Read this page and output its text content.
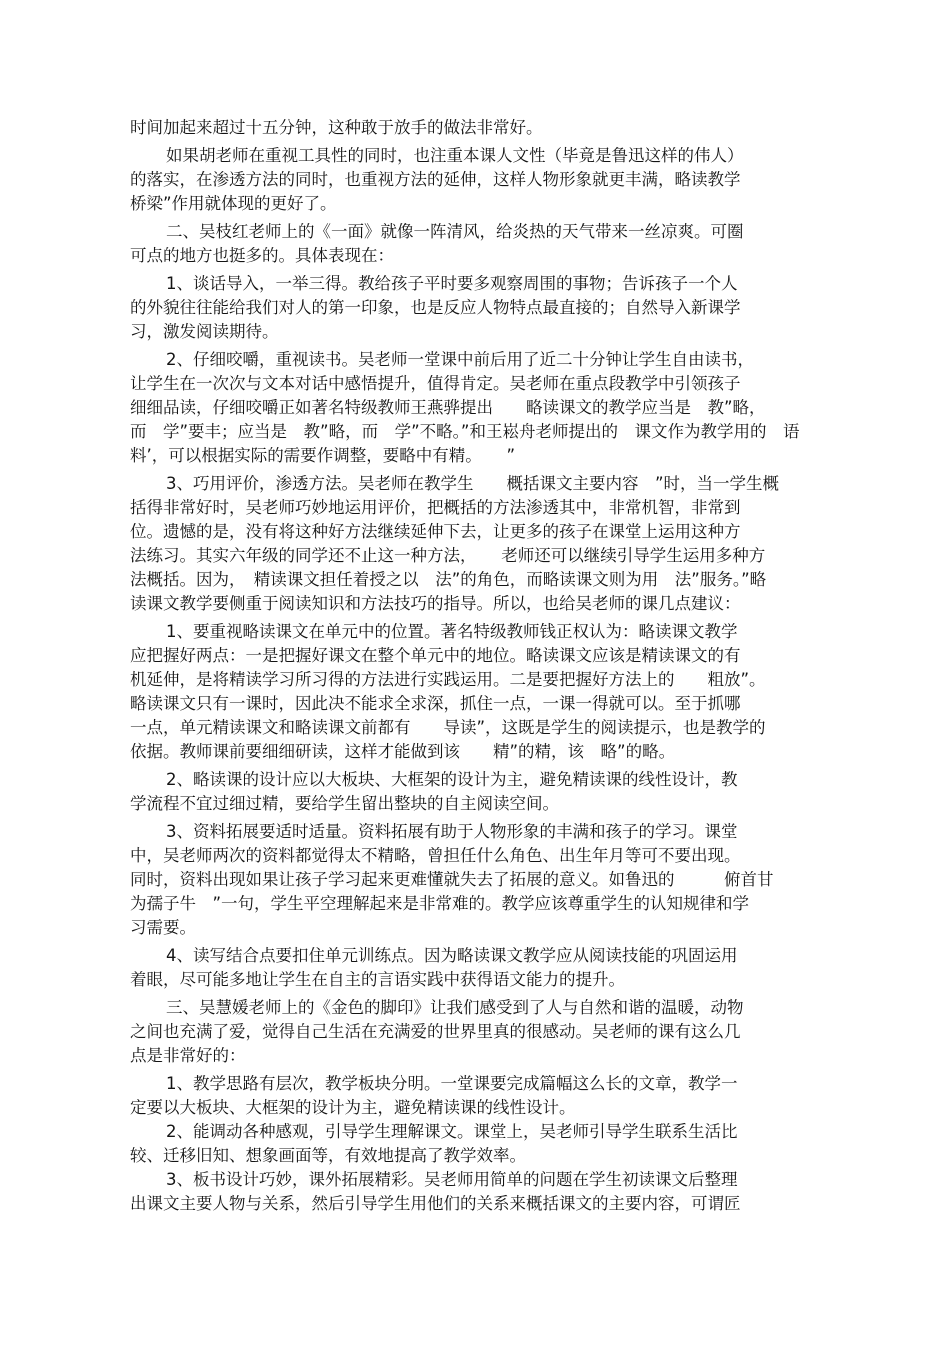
时间加起来超过十五分钟，这种敢于放手的做法非常好。
如果胡老师在重视工具性的同时，也注重本课人文性（毕竟是鲁迅这样的伟人）
的落实，在渗透方法的同时，也重视方法的延伸，这样人物形象就更丰满，略读教学
桥梁”作用就体现的更好了。
二、吴枝红老师上的《一面》就像一阵清风，给炎热的天气带来一丝凉爽。可圈
可点的地方也挺多的。具体表现在：
1、谈话导入，一举三得。教给孩子平时要多观察周围的事物；告诉孩子一个人
的外貌往往能给我们对人的第一印象，也是反应人物特点最直接的；自然导入新课学
习，激发阅读期待。
2、仔细咬嚼，重视读书。吴老师一堂课中前后用了近二十分钟让学生自由读书，
让学生在一次次与文本对话中感悟提升，值得肯定。吴老师在重点段教学中引领孩子
细细品读，仔细咬嚼正如著名特级教师王燕骅提出　　略读课文的教学应当是　教”略，
而　学”要丰；应当是　教”略，而　学”不略。”和王崧舟老师提出的　课文作为教学用的　语
料’，可以根据实际的需要作调整，要略中有精。　　”
3、巧用评价，渗透方法。吴老师在教学生　　概括课文主要内容　”时，当一学生概
括得非常好时，吴老师巧妙地运用评价，把概括的方法渗透其中，非常机智，非常到
位。遗憾的是，没有将这种好方法继续延伸下去，让更多的孩子在课堂上运用这种方
法练习。其实六年级的同学还不止这一种方法，　　老师还可以继续引导学生运用多种方
法概括。因为，　精读课文担任着授之以　法”的角色，而略读课文则为用　法”服务。”略
读课文教学要侧重于阅读知识和方法技巧的指导。所以，也给吴老师的课几点建议：
1、要重视略读课文在单元中的位置。著名特级教师钱正权认为：略读课文教学
应把握好两点：一是把握好课文在整个单元中的地位。略读课文应该是精读课文的有
机延伸，是将精读学习所习得的方法进行实践运用。二是要把握好方法上的　　粗放”。
略读课文只有一课时，因此决不能求全求深，抓住一点，一课一得就可以。至于抓哪
一点，单元精读课文和略读课文前都有　　导读”，这既是学生的阅读提示，也是教学的
依据。教师课前要细细研读，这样才能做到该　　精”的精，该　略”的略。
2、略读课的设计应以大板块、大框架的设计为主，避免精读课的线性设计，教
学流程不宜过细过精，要给学生留出整块的自主阅读空间。
3、资料拓展要适时适量。资料拓展有助于人物形象的丰满和孩子的学习。课堂
中，吴老师两次的资料都觉得太不精略，曾担任什么角色、出生年月等可不要出现。
同时，资料出现如果让孩子学习起来更难懂就失去了拓展的意义。如鲁迅的　　　俯首甘
为孺子牛　”一句，学生平空理解起来是非常难的。教学应该尊重学生的认知规律和学
习需要。
4、读写结合点要扣住单元训练点。因为略读课文教学应从阅读技能的巩固运用
着眼，尽可能多地让学生在自主的言语实践中获得语文能力的提升。
三、吴慧媛老师上的《金色的脚印》让我们感受到了人与自然和谐的温暖，动物
之间也充满了爱，觉得自己生活在充满爱的世界里真的很感动。吴老师的课有这么几
点是非常好的：
1、教学思路有层次，教学板块分明。一堂课要完成篇幅这么长的文章，教学一
定要以大板块、大框架的设计为主，避免精读课的线性设计。
2、能调动各种感观，引导学生理解课文。课堂上，吴老师引导学生联系生活比
较、迁移旧知、想象画面等，有效地提高了教学效率。
3、板书设计巧妙，课外拓展精彩。吴老师用简单的问题在学生初读课文后整理
出课文主要人物与关系，然后引导学生用他们的关系来概括课文的主要内容，可谓匠
